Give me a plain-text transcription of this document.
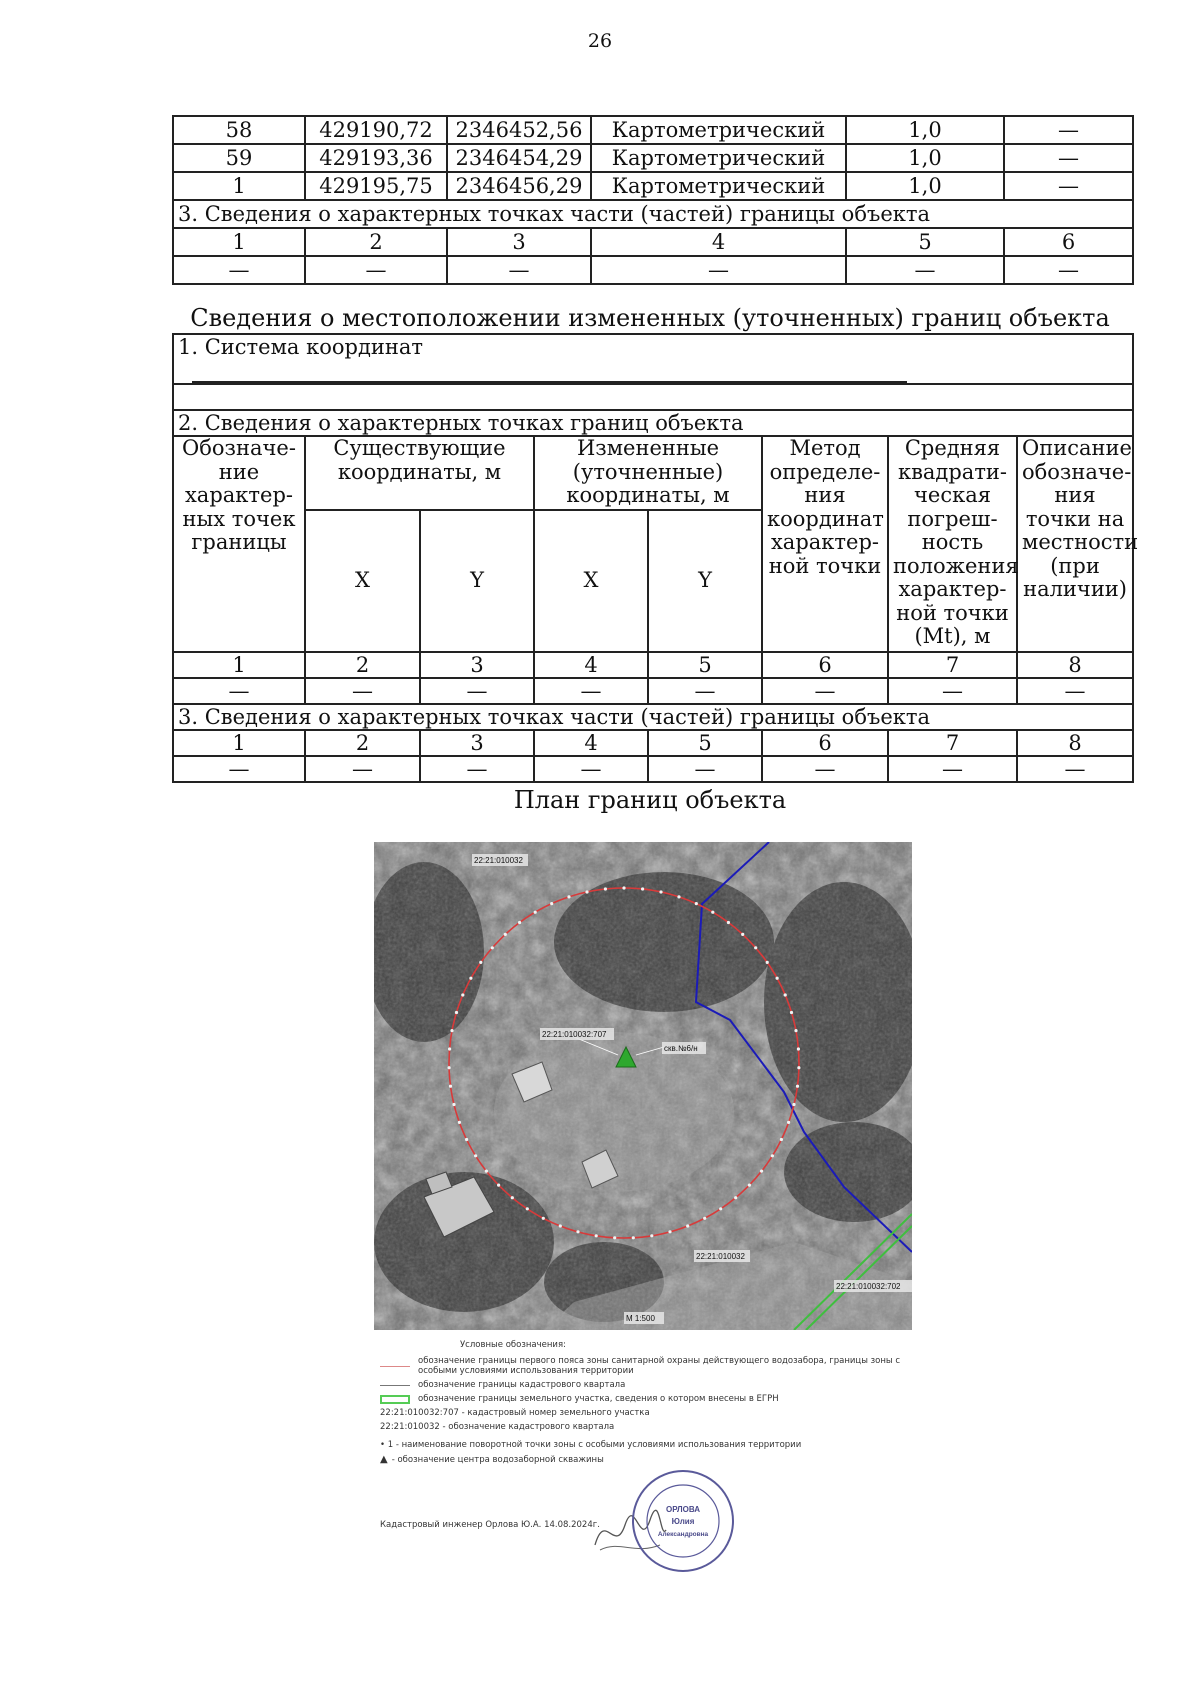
26
58	429190,72	2346452,56	Картометрический	1,0	—
59	429193,36	2346454,29	Картометрический	1,0	—
1	429195,75	2346456,29	Картометрический	1,0	—
3. Сведения о характерных точках части (частей) границы объекта					
1	2	3	4	5	6
—	—	—	—	—	—
Сведения о местоположении измененных (уточненных) границ объекта
1. Система координат							

2. Сведения о характерных точках границ объекта							
Обозначе-ние характер-ных точек границы	Существующие координаты, м		Измененные (уточненные) координаты, м		Метод определе-ния координат характер-ной точки	Средняя квадрати-ческая погреш-ность положения характер-ной точки (Mt), м	Описание обозначе-ния точки на местности (при наличии)
	X	Y	X	Y			
1	2	3	4	5	6	7	8
—	—	—	—	—	—	—	—
3. Сведения о характерных точках части (частей) границы объекта							
1	2	3	4	5	6	7	8
—	—	—	—	—	—	—	—
План границ объекта
22:21:010032
22:21:010032:707
скв.№6/н
22:21:010032
22:21:010032:702
М 1:500
Условные обозначения:
обозначение границы первого пояса зоны санитарной охраны действующего водозабора, границы зоны с особыми условиями использования территории
обозначение границы кадастрового квартала
обозначение границы земельного участка, сведения о котором внесены в ЕГРН
22:21:010032:707 - кадастровый номер земельного участка
22:21:010032 - обозначение кадастрового квартала
• 1 - наименование поворотной точки зоны с особыми условиями использования территории
▲ - обозначение центра водозаборной скважины
Кадастровый инженер Орлова Ю.А. 14.08.2024г.
ОРЛОВА
Юлия
Александровна
